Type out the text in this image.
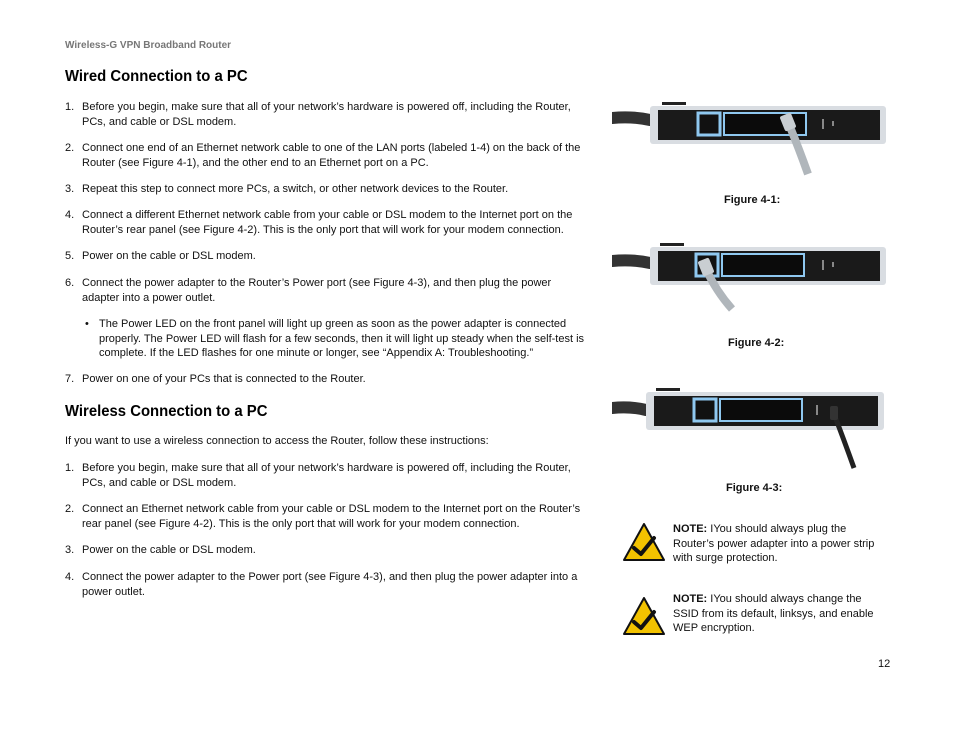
Wireless-G VPN Broadband Router
Wired Connection to a PC
1. Before you begin, make sure that all of your network’s hardware is powered off, including the Router, PCs, and cable or DSL modem.
2. Connect one end of an Ethernet network cable to one of the LAN ports (labeled 1-4) on the back of the Router (see Figure 4-1), and the other end to an Ethernet port on a PC.
3. Repeat this step to connect more PCs, a switch, or other network devices to the Router.
4. Connect a different Ethernet network cable from your cable or DSL modem to the Internet port on the Router’s rear panel (see Figure 4-2). This is the only port that will work for your modem connection.
5. Power on the cable or DSL modem.
6. Connect the power adapter to the Router’s Power port (see Figure 4-3), and then plug the power adapter into a power outlet.
• The Power LED on the front panel will light up green as soon as the power adapter is connected properly. The Power LED will flash for a few seconds, then it will light up steady when the self-test is complete. If the LED flashes for one minute or longer, see “Appendix A: Troubleshooting.”
7. Power on one of your PCs that is connected to the Router.
Wireless Connection to a PC
If you want to use a wireless connection to access the Router, follow these instructions:
1. Before you begin, make sure that all of your network’s hardware is powered off, including the Router, PCs, and cable or DSL modem.
2. Connect an Ethernet network cable from your cable or DSL modem to the Internet port on the Router’s rear panel (see Figure 4-2). This is the only port that will work for your modem connection.
3. Power on the cable or DSL modem.
4. Connect the power adapter to the Power port (see Figure 4-3), and then plug the power adapter into a power outlet.
Figure 4-1:
Figure 4-2:
Figure 4-3:
NOTE: IYou should always plug the Router’s power adapter into a power strip with surge protection.
NOTE: IYou should always change the SSID from its default, linksys, and enable WEP encryption.
12
